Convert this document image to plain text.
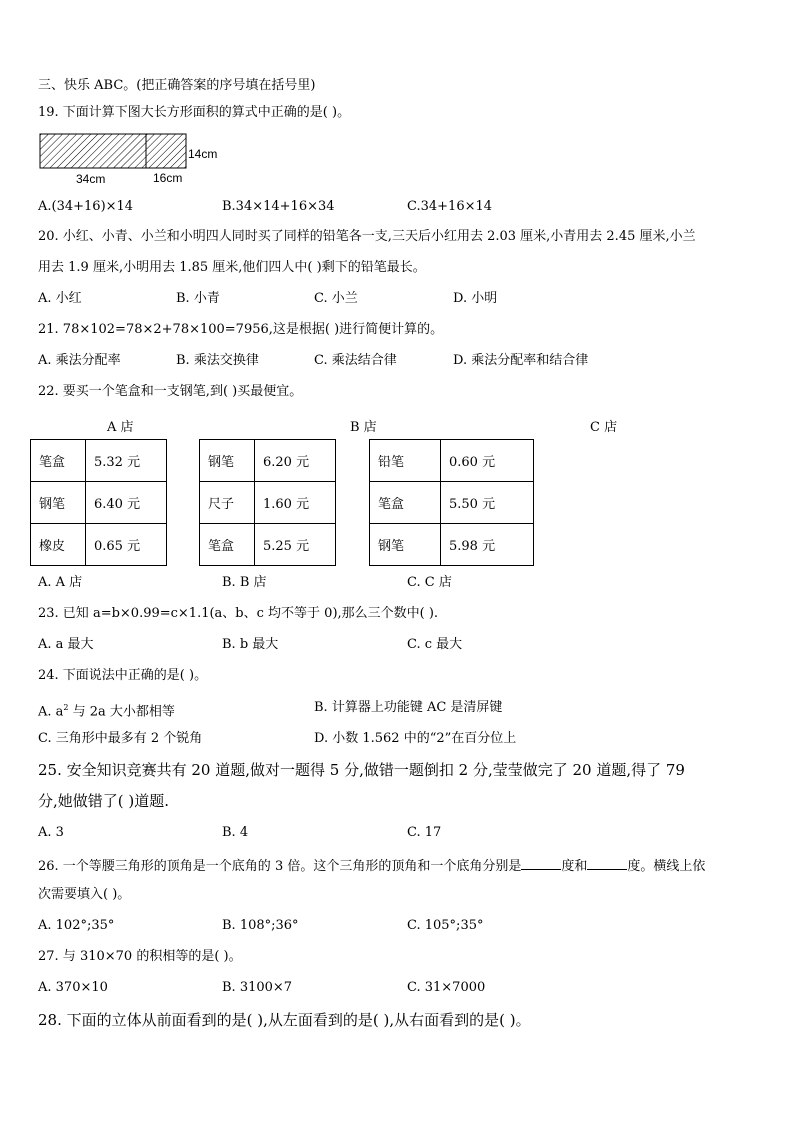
三、快乐 ABC。(把正确答案的序号填在括号里)
19. 下面计算下图大长方形面积的算式中正确的是( )。
14cm
34cm	16cm
A.(34+16)×14	B.34×14+16×34	C.34+16×14
20. 小红、小青、小兰和小明四人同时买了同样的铅笔各一支,三天后小红用去 2.03 厘米,小青用去 2.45 厘米,小兰
用去 1.9 厘米,小明用去 1.85 厘米,他们四人中( )剩下的铅笔最长。
A. 小红	B. 小青	C. 小兰	D. 小明
21. 78×102=78×2+78×100=7956,这是根据( )进行简便计算的。
A. 乘法分配率	B. 乘法交换律	C. 乘法结合律	D. 乘法分配率和结合律
22. 要买一个笔盒和一支钢笔,到( )买最便宜。
A 店	B 店	C 店
笔盒	5.32 元
钢笔	6.40 元
橡皮	0.65 元
钢笔	6.20 元
尺子	1.60 元
笔盒	5.25 元
铅笔	0.60 元
笔盒	5.50 元
钢笔	5.98 元
A. A 店	B. B 店	C. C 店
23. 已知 a=b×0.99=c×1.1(a、b、c 均不等于 0),那么三个数中( ).
A. a 最大	B. b 最大	C. c 最大
24. 下面说法中正确的是( )。
A. $a^2$ 与 2a 大小都相等	B. 计算器上功能键 AC 是清屏键
C. 三角形中最多有 2 个锐角	D. 小数 1.562 中的“2”在百分位上
25. 安全知识竞赛共有 20 道题,做对一题得 5 分,做错一题倒扣 2 分,莹莹做完了 20 道题,得了 79
分,她做错了( )道题.
A. 3	B. 4	C. 17
26. 一个等腰三角形的顶角是一个底角的 3 倍。这个三角形的顶角和一个底角分别是	度和	度。横线上依
次需要填入( )。
A. 102°;35°	B. 108°;36°	C. 105°;35°
27. 与 310×70 的积相等的是( )。
A. 370×10	B. 3100×7	C. 31×7000
28. 下面的立体从前面看到的是( ),从左面看到的是( ),从右面看到的是( )。
